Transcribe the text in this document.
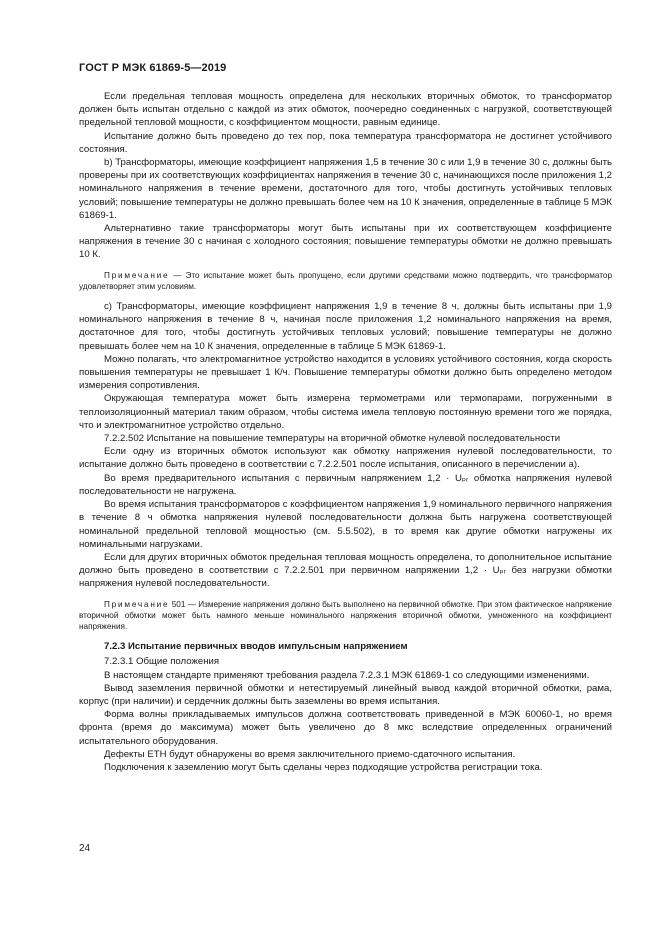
ГОСТ Р МЭК 61869-5—2019
Если предельная тепловая мощность определена для нескольких вторичных обмоток, то трансформатор должен быть испытан отдельно с каждой из этих обмоток, поочередно соединенных с нагрузкой, соответствующей предельной тепловой мощности, с коэффициентом мощности, равным единице.
Испытание должно быть проведено до тех пор, пока температура трансформатора не достигнет устойчивого состояния.
b) Трансформаторы, имеющие коэффициент напряжения 1,5 в течение 30 с или 1,9 в течение 30 с, должны быть проверены при их соответствующих коэффициентах напряжения в течение 30 с, начинающихся после приложения 1,2 номинального напряжения в течение времени, достаточного для того, чтобы достигнуть устойчивых тепловых условий; повышение температуры не должно превышать более чем на 10 К значения, определенные в таблице 5 МЭК 61869-1.
Альтернативно такие трансформаторы могут быть испытаны при их соответствующем коэффициенте напряжения в течение 30 с начиная с холодного состояния; повышение температуры обмотки не должно превышать 10 К.
Примечание — Это испытание может быть пропущено, если другими средствами можно подтвердить, что трансформатор удовлетворяет этим условиям.
c) Трансформаторы, имеющие коэффициент напряжения 1,9 в течение 8 ч, должны быть испытаны при 1,9 номинального напряжения в течение 8 ч, начиная после приложения 1,2 номинального напряжения на время, достаточное для того, чтобы достигнуть устойчивых тепловых условий; повышение температуры не должно превышать более чем на 10 К значения, определенные в таблице 5 МЭК 61869-1.
Можно полагать, что электромагнитное устройство находится в условиях устойчивого состояния, когда скорость повышения температуры не превышает 1 К/ч. Повышение температуры обмотки должно быть определено методом измерения сопротивления.
Окружающая температура может быть измерена термометрами или термопарами, погруженными в теплоизоляционный материал таким образом, чтобы система имела тепловую постоянную времени того же порядка, что и электромагнитное устройство отдельно.
7.2.2.502 Испытание на повышение температуры на вторичной обмотке нулевой последовательности
Если одну из вторичных обмоток используют как обмотку напряжения нулевой последовательности, то испытание должно быть проведено в соответствии с 7.2.2.501 после испытания, описанного в перечислении a).
Во время предварительного испытания с первичным напряжением 1,2 · Uₚᵣ обмотка напряжения нулевой последовательности не нагружена.
Во время испытания трансформаторов с коэффициентом напряжения 1,9 номинального первичного напряжения в течение 8 ч обмотка напряжения нулевой последовательности должна быть нагружена соответствующей номинальной предельной тепловой мощностью (см. 5.5.502), в то время как другие обмотки нагружены их номинальными нагрузками.
Если для других вторичных обмоток предельная тепловая мощность определена, то дополнительное испытание должно быть проведено в соответствии с 7.2.2.501 при первичном напряжении 1,2 · Uₚᵣ без нагрузки обмотки напряжения нулевой последовательности.
Примечание 501 — Измерение напряжения должно быть выполнено на первичной обмотке. При этом фактическое напряжение вторичной обмотки может быть намного меньше номинального напряжения вторичной обмотки, умноженного на коэффициент напряжения.
7.2.3 Испытание первичных вводов импульсным напряжением
7.2.3.1 Общие положения
В настоящем стандарте применяют требования раздела 7.2.3.1 МЭК 61869-1 со следующими изменениями.
Вывод заземления первичной обмотки и нетестируемый линейный вывод каждой вторичной обмотки, рама, корпус (при наличии) и сердечник должны быть заземлены во время испытания.
Форма волны прикладываемых импульсов должна соответствовать приведенной в МЭК 60060-1, но время фронта (время до максимума) может быть увеличено до 8 мкс вследствие определенных ограничений испытательного оборудования.
Дефекты ЕТН будут обнаружены во время заключительного приемо-сдаточного испытания.
Подключения к заземлению могут быть сделаны через подходящие устройства регистрации тока.
24
